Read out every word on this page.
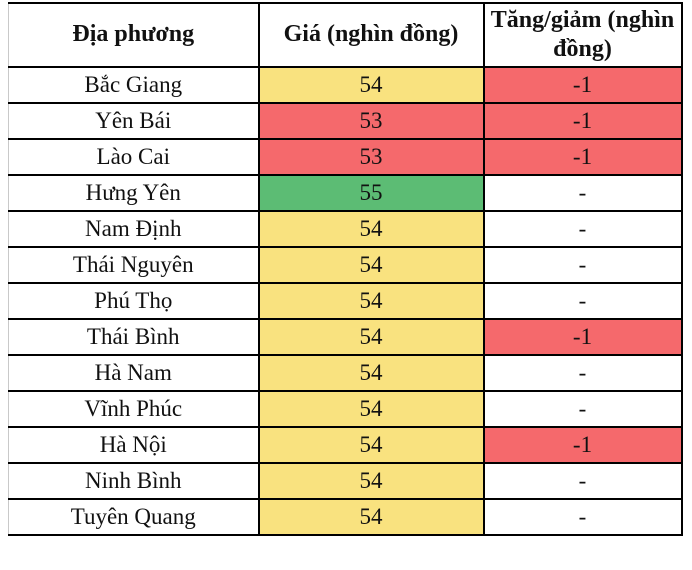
Địa phương	Giá (nghìn đồng)	Tăng/giảm (nghìn đồng)
Bắc Giang	54	-1
Yên Bái	53	-1
Lào Cai	53	-1
Hưng Yên	55	-
Nam Định	54	-
Thái Nguyên	54	-
Phú Thọ	54	-
Thái Bình	54	-1
Hà Nam	54	-
Vĩnh Phúc	54	-
Hà Nội	54	-1
Ninh Bình	54	-
Tuyên Quang	54	-
